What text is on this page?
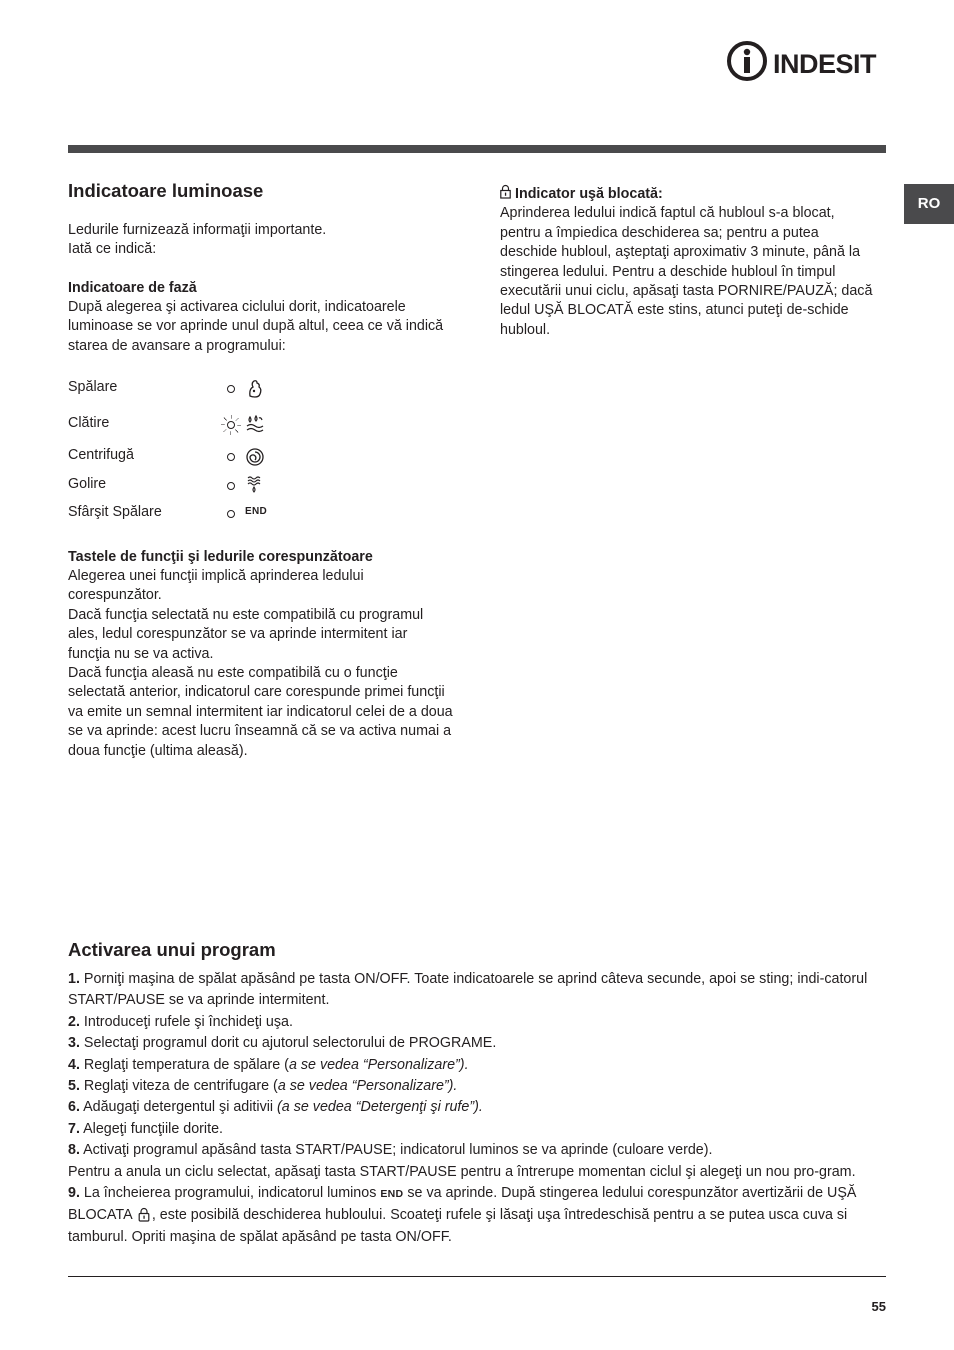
INDESIT
RO
Indicatoare luminoase

Ledurile furnizează informaţii importante.

Iată ce indică:

Indicatoare de fază

După alegerea şi activarea ciclului dorit, indicatoarele luminoase se vor aprinde unul după altul, ceea ce vă indică starea de avansare a programului:

Spălare
Clătire
Centrifugă
Golire
Sfârşit Spălare	END

Tastele de funcţii şi ledurile corespunzătoare

Alegerea unei funcţii implică aprinderea ledului corespunzător.

Dacă funcţia selectată nu este compatibilă cu programul ales, ledul corespunzător se va aprinde intermitent iar funcţia nu se va activa.

Dacă funcţia aleasă nu este compatibilă cu o funcţie selectată anterior, indicatorul care corespunde primei funcţii va emite un semnal intermitent iar indicatorul celei de a doua se va aprinde: acest lucru înseamnă că se va activa numai a doua funcţie (ultima aleasă).

Indicator uşă blocată:

Aprinderea ledului indică faptul că hubloul s-a blocat, pentru a împiedica deschiderea sa; pentru a putea deschide hubloul, aşteptaţi aproximativ 3 minute, până la stingerea ledului. Pentru a deschide hubloul în timpul executării unui ciclu, apăsaţi tasta PORNIRE/PAUZĂ; dacă ledul UŞĂ BLOCATĂ este stins, atunci puteţi de-schide hubloul.

Activarea unui program

1. Porniţi maşina de spălat apăsând pe tasta ON/OFF. Toate indicatoarele se aprind câteva secunde, apoi se sting; indi-catorul START/PAUSE se va aprinde intermitent.

2. Introduceţi rufele şi închideţi uşa.

3. Selectaţi programul dorit cu ajutorul selectorului de PROGRAME.

4. Reglaţi temperatura de spălare (a se vedea “Personalizare”).

5. Reglaţi viteza de centrifugare (a se vedea “Personalizare”).

6. Adăugaţi detergentul şi aditivii (a se vedea “Detergenţi şi rufe”).

7. Alegeţi funcţiile dorite.

8. Activaţi programul apăsând tasta START/PAUSE; indicatorul luminos se va aprinde (culoare verde).

Pentru a anula un ciclu selectat, apăsaţi tasta START/PAUSE pentru a întrerupe momentan ciclul şi alegeţi un nou pro-gram.

9. La încheierea programului, indicatorul luminos END se va aprinde. După stingerea ledului corespunzător avertizării de UŞĂ BLOCATA , este posibilă deschiderea hubloului. Scoateţi rufele şi lăsaţi uşa întredeschisă pentru a se putea usca cuva si tamburul. Opriti maşina de spălat apăsând pe tasta ON/OFF.

55
